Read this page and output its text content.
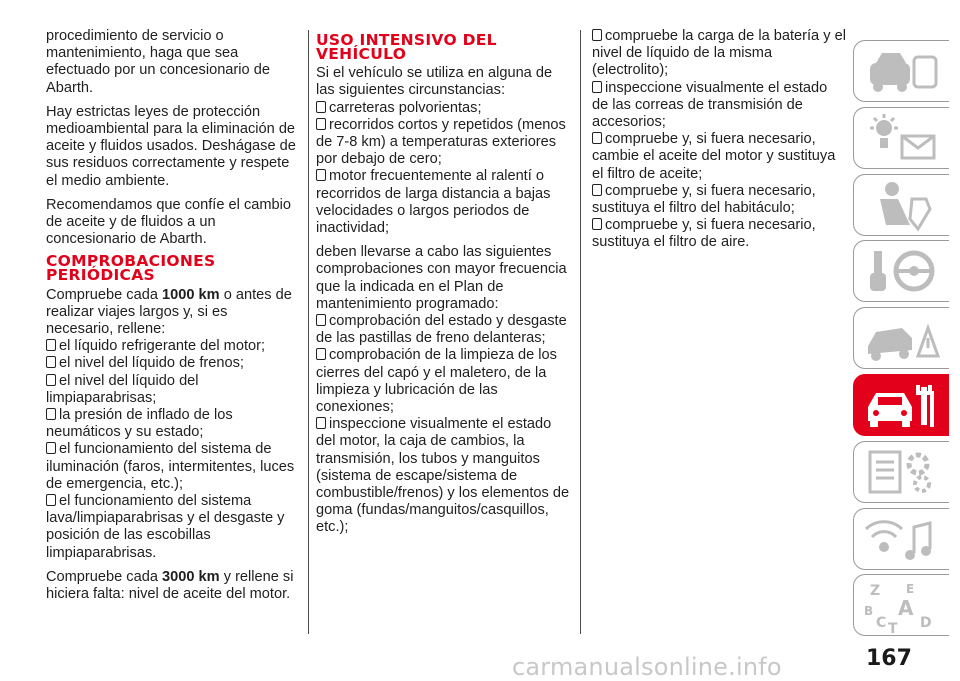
procedimiento de servicio o mantenimiento, haga que sea efectuado por un concesionario de Abarth.

Hay estrictas leyes de protección medioambiental para la eliminación de aceite y fluidos usados. Deshágase de sus residuos correctamente y respete el medio ambiente.

Recomendamos que confíe el cambio de aceite y de fluidos a un concesionario de Abarth.

COMPROBACIONES PERIÓDICAS

Compruebe cada 1000 km o antes de realizar viajes largos y, si es necesario, rellene:

el líquido refrigerante del motor;
el nivel del líquido de frenos;
el nivel del líquido del limpiaparabrisas;
la presión de inflado de los neumáticos y su estado;
el funcionamiento del sistema de iluminación (faros, intermitentes, luces de emergencia, etc.);
el funcionamiento del sistema lava/limpiaparabrisas y el desgaste y posición de las escobillas limpiaparabrisas.

Compruebe cada 3000 km y rellene si hiciera falta: nivel de aceite del motor.

USO INTENSIVO DEL VEHÍCULO

Si el vehículo se utiliza en alguna de las siguientes circunstancias:

carreteras polvorientas;
recorridos cortos y repetidos (menos de 7-8 km) a temperaturas exteriores por debajo de cero;
motor frecuentemente al ralentí o recorridos de larga distancia a bajas velocidades o largos periodos de inactividad;

deben llevarse a cabo las siguientes comprobaciones con mayor frecuencia que la indicada en el Plan de mantenimiento programado:

comprobación del estado y desgaste de las pastillas de freno delanteras;
comprobación de la limpieza de los cierres del capó y el maletero, de la limpieza y lubricación de las conexiones;
inspeccione visualmente el estado del motor, la caja de cambios, la transmisión, los tubos y manguitos (sistema de escape/sistema de combustible/frenos) y los elementos de goma (fundas/manguitos/casquillos, etc.);
compruebe la carga de la batería y el nivel de líquido de la misma (electrolito);
inspeccione visualmente el estado de las correas de transmisión de accesorios;
compruebe y, si fuera necesario, cambie el aceite del motor y sustituya el filtro de aceite;
compruebe y, si fuera necesario, sustituya el filtro del habitáculo;
compruebe y, si fuera necesario, sustituya el filtro de aire.
Z E
B A
C T D
carmanualsonline.info	167
